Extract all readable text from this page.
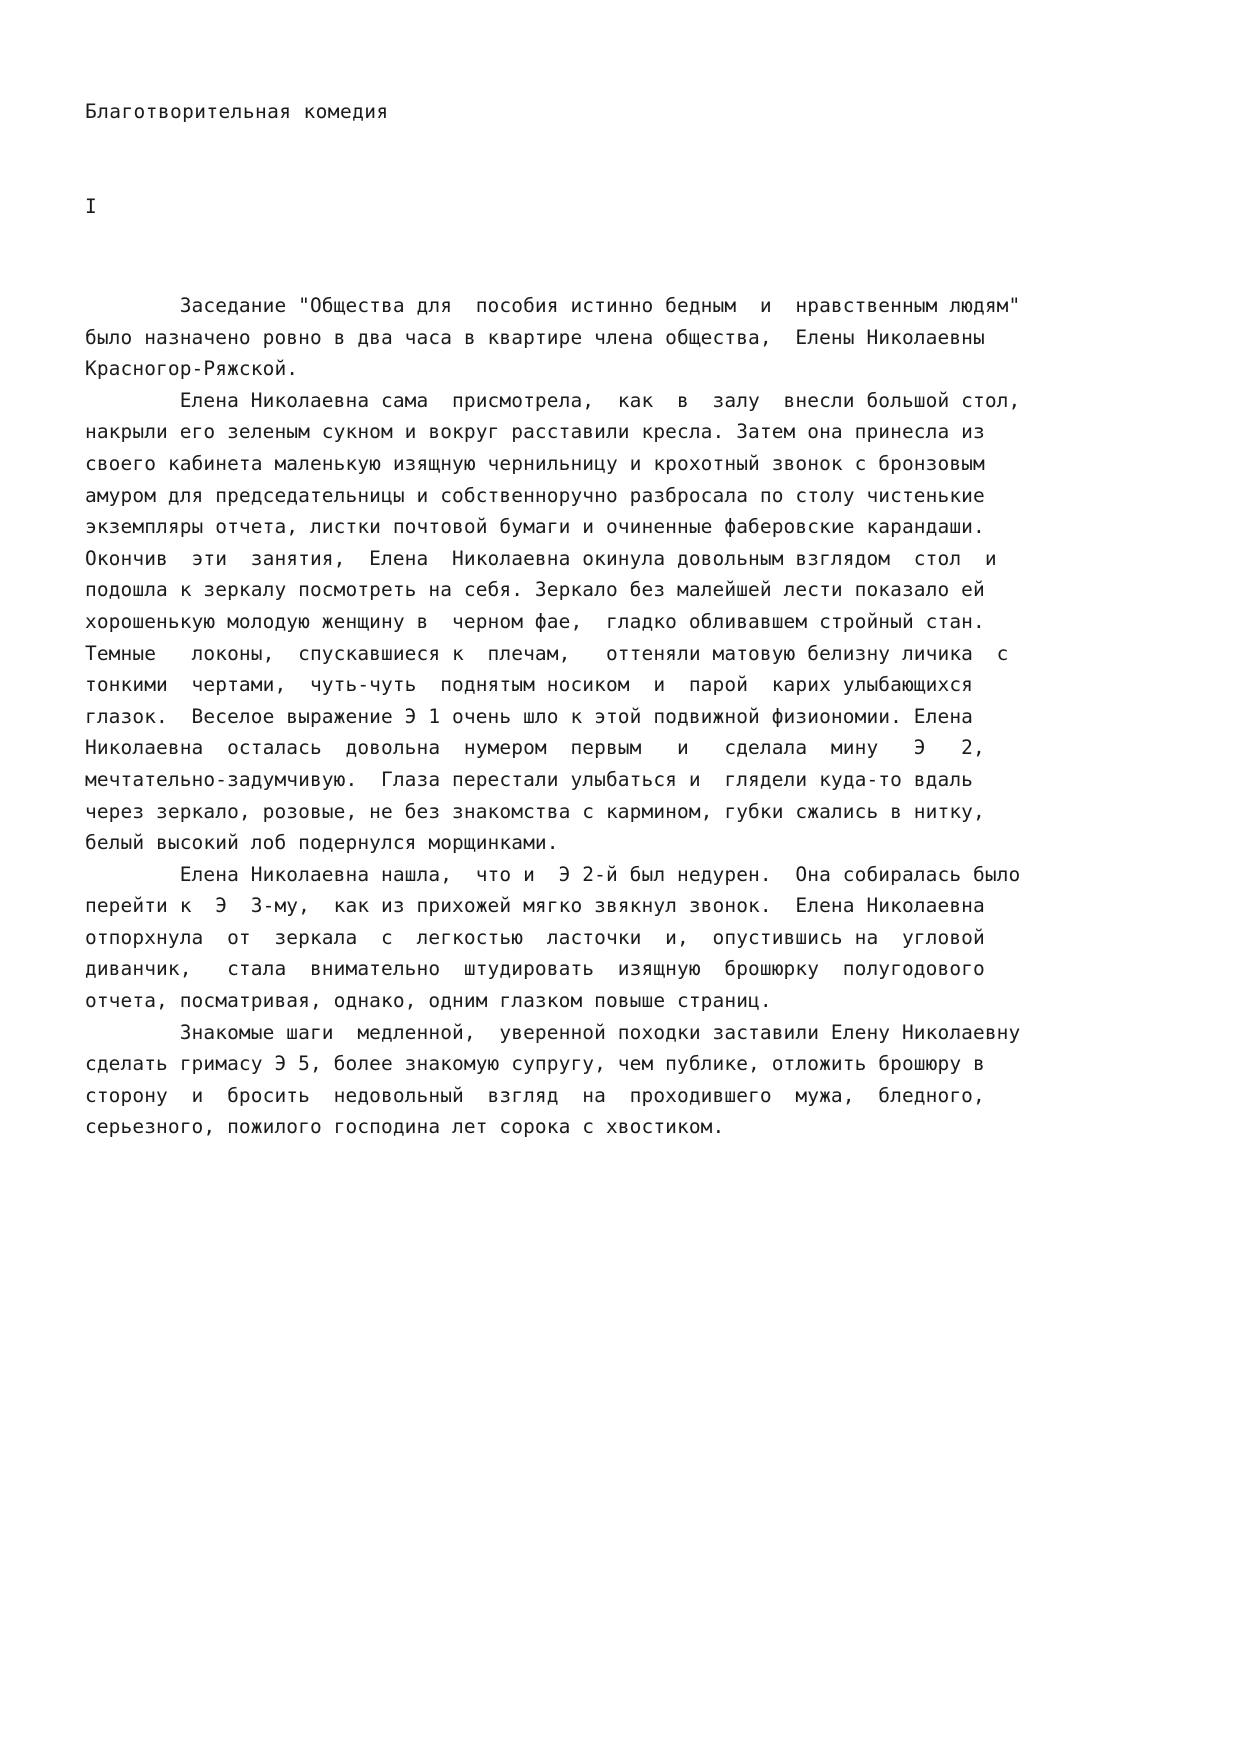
Благотворительная комедия
I
Заседание "Общества для  пособия истинно бедным  и  нравственным людям"
было назначено ровно в два часа в квартире члена общества,  Елены Николаевны
Красногор-Ряжской.
Елена Николаевна сама  присмотрела,  как  в  залу  внесли большой стол,
накрыли его зеленым сукном и вокруг расставили кресла. Затем она принесла из
своего кабинета маленькую изящную чернильницу и крохотный звонок с бронзовым
амуром для председательницы и собственноручно разбросала по столу чистенькие
экземпляры отчета, листки почтовой бумаги и очиненные фаберовские карандаши.
Окончив  эти  занятия,  Елена  Николаевна окинула довольным взглядом  стол  и
подошла к зеркалу посмотреть на себя. Зеркало без малейшей лести показало ей
хорошенькую молодую женщину в  черном фае,  гладко обливавшем стройный стан.
Темные   локоны,  спускавшиеся к  плечам,   оттеняли матовую белизну личика  с
тонкими  чертами,  чуть-чуть  поднятым носиком  и  парой  карих улыбающихся
глазок.  Веселое выражение Э 1 очень шло к этой подвижной физиономии. Елена
Николаевна  осталась  довольна  нумером  первым   и   сделала  мину   Э   2,
мечтательно-задумчивую.  Глаза перестали улыбаться и  глядели куда-то вдаль
через зеркало, розовые, не без знакомства с кармином, губки сжались в нитку,
белый высокий лоб подернулся морщинками.
Елена Николаевна нашла,  что и  Э 2-й был недурен.  Она собиралась было
перейти к  Э  3-му,  как из прихожей мягко звякнул звонок.  Елена Николаевна
отпорхнула  от  зеркала  с  легкостью  ласточки  и,  опустившись на  угловой
диванчик,   стала  внимательно  штудировать  изящную  брошюрку  полугодового
отчета, посматривая, однако, одним глазком повыше страниц.
Знакомые шаги  медленной,  уверенной походки заставили Елену Николаевну
сделать гримасу Э 5, более знакомую супругу, чем публике, отложить брошюру в
сторону  и  бросить  недовольный  взгляд  на  проходившего  мужа,  бледного,
серьезного, пожилого господина лет сорока с хвостиком.
